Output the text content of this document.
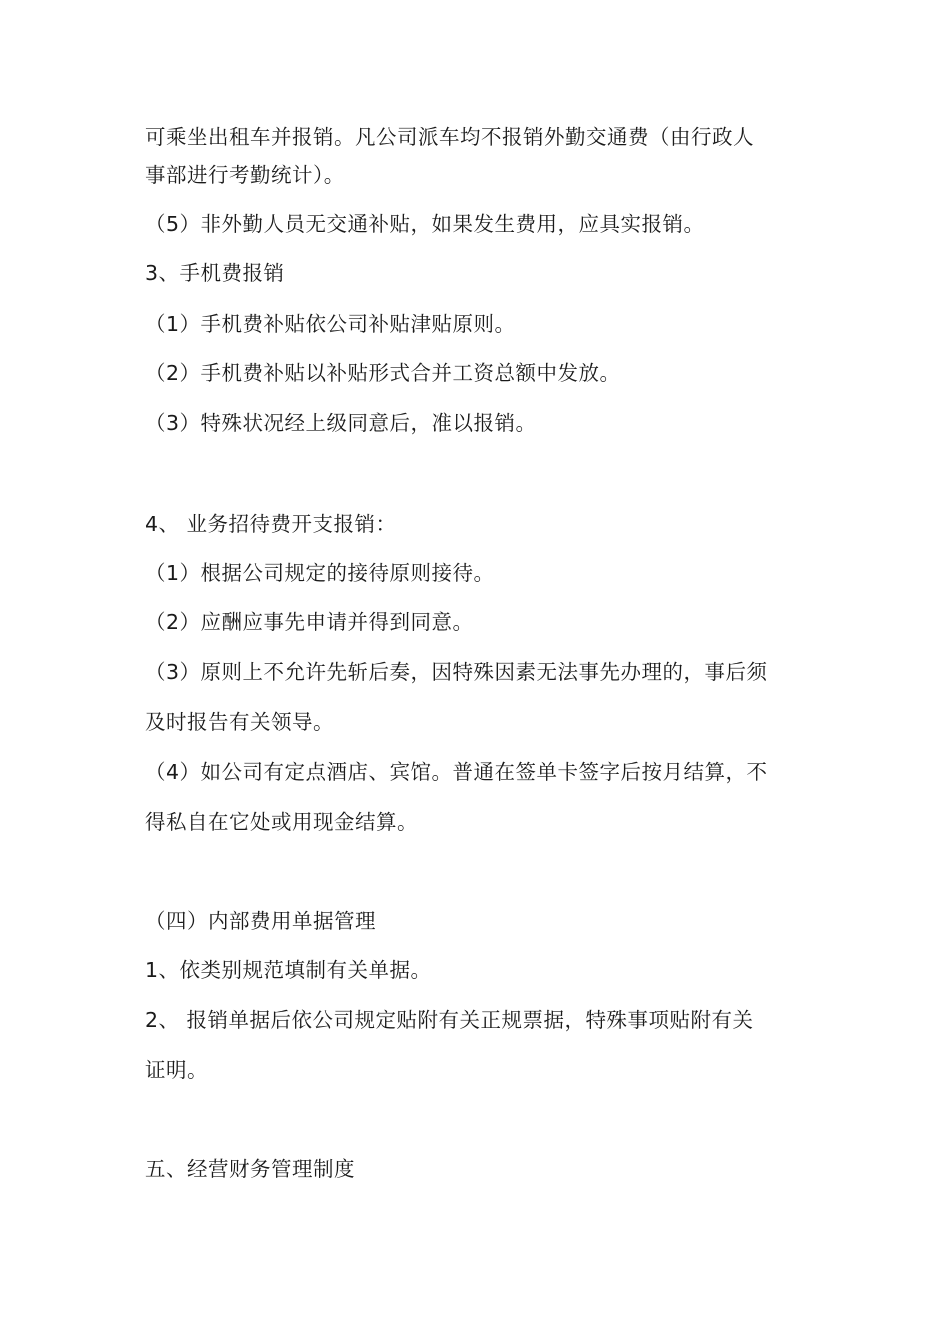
可乘坐出租车并报销。凡公司派车均不报销外勤交通费（由行政人
事部进行考勤统计）。
（5）非外勤人员无交通补贴，如果发生费用，应具实报销。
3、手机费报销
（1）手机费补贴依公司补贴津贴原则。
（2）手机费补贴以补贴形式合并工资总额中发放。
（3）特殊状况经上级同意后，准以报销。
4、 业务招待费开支报销：
（1）根据公司规定的接待原则接待。
（2）应酬应事先申请并得到同意。
（3）原则上不允许先斩后奏，因特殊因素无法事先办理的，事后须
及时报告有关领导。
（4）如公司有定点酒店、宾馆。普通在签单卡签字后按月结算，不
得私自在它处或用现金结算。
（四）内部费用单据管理
1、依类别规范填制有关单据。
2、 报销单据后依公司规定贴附有关正规票据，特殊事项贴附有关
证明。
五、经营财务管理制度
